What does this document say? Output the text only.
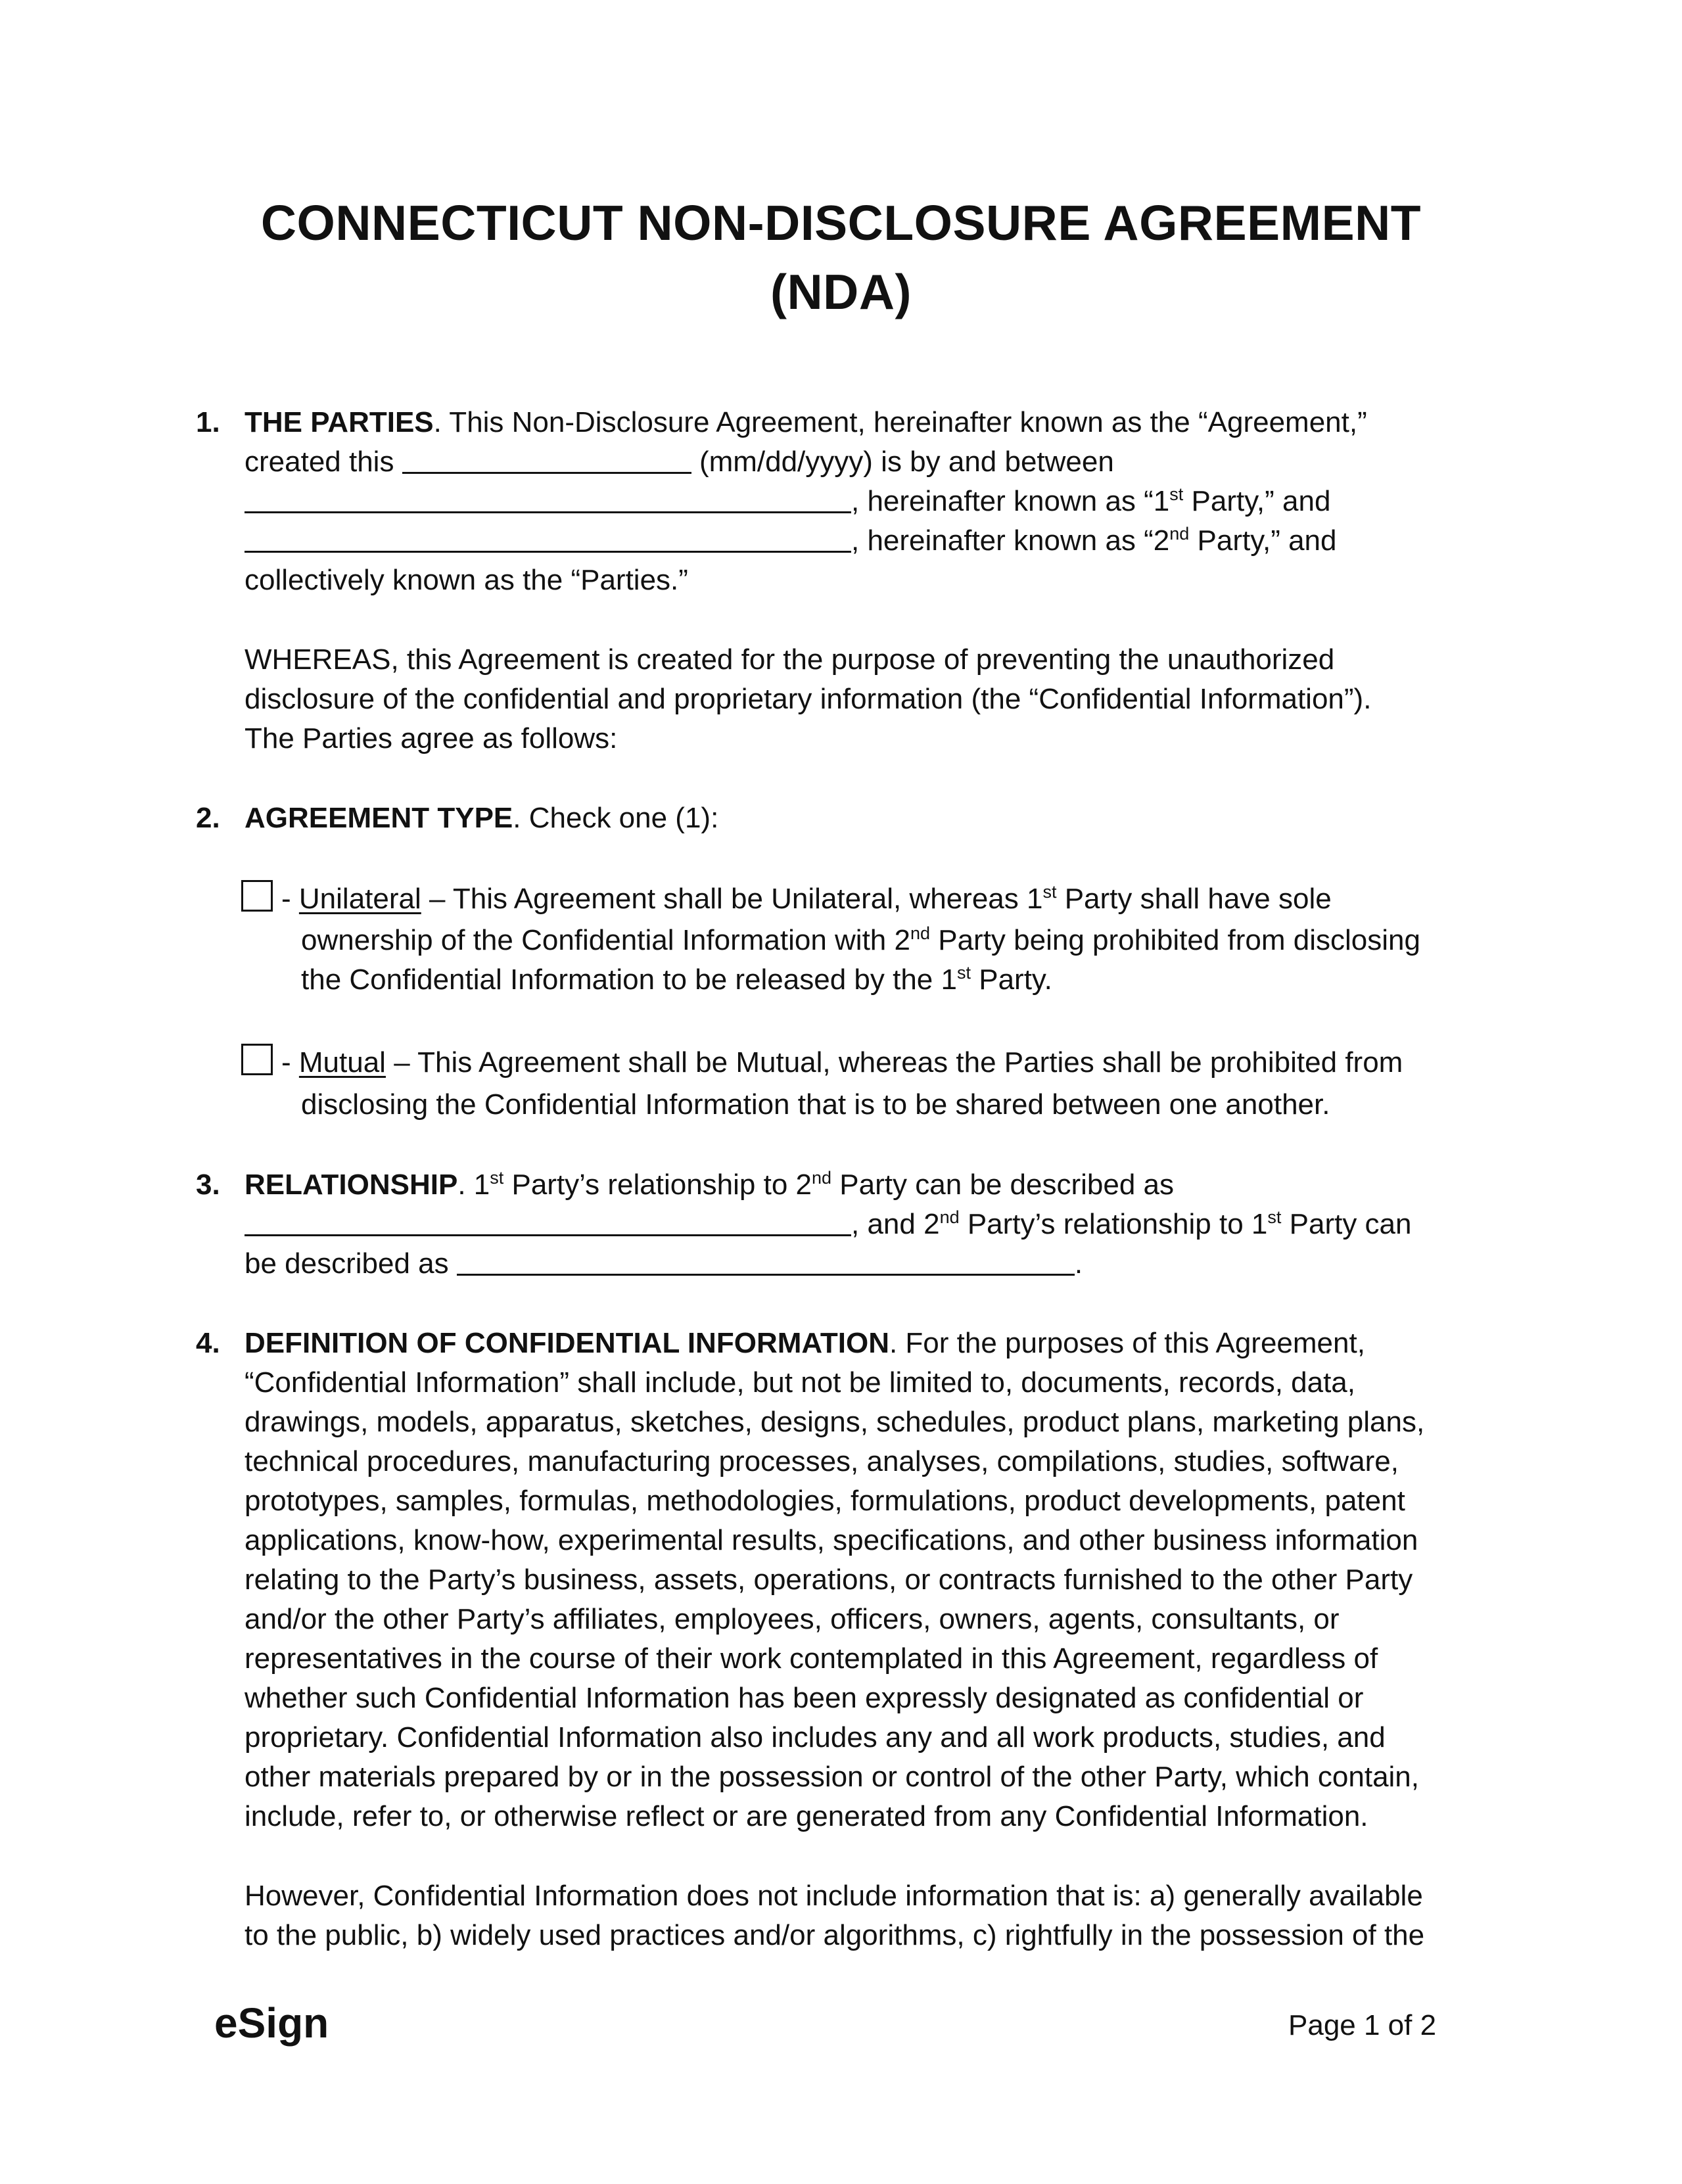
CONNECTICUT NON-DISCLOSURE AGREEMENT
(NDA)
1. THE PARTIES. This Non-Disclosure Agreement, hereinafter known as the “Agreement,”
created this	(mm/dd/yyyy) is by and between
, hereinafter known as “1st Party,” and
, hereinafter known as “2nd Party,” and
collectively known as the “Parties.”
WHEREAS, this Agreement is created for the purpose of preventing the unauthorized
disclosure of the confidential and proprietary information (the “Confidential Information”).
The Parties agree as follows:
2. AGREEMENT TYPE. Check one (1):
- Unilateral – This Agreement shall be Unilateral, whereas 1st Party shall have sole
ownership of the Confidential Information with 2nd Party being prohibited from disclosing
the Confidential Information to be released by the 1st Party.
- Mutual – This Agreement shall be Mutual, whereas the Parties shall be prohibited from
disclosing the Confidential Information that is to be shared between one another.
3. RELATIONSHIP. 1st Party’s relationship to 2nd Party can be described as
, and 2nd Party’s relationship to 1st Party can
be described as	.
4. DEFINITION OF CONFIDENTIAL INFORMATION. For the purposes of this Agreement,
“Confidential Information” shall include, but not be limited to, documents, records, data,
drawings, models, apparatus, sketches, designs, schedules, product plans, marketing plans,
technical procedures, manufacturing processes, analyses, compilations, studies, software,
prototypes, samples, formulas, methodologies, formulations, product developments, patent
applications, know-how, experimental results, specifications, and other business information
relating to the Party’s business, assets, operations, or contracts furnished to the other Party
and/or the other Party’s affiliates, employees, officers, owners, agents, consultants, or
representatives in the course of their work contemplated in this Agreement, regardless of
whether such Confidential Information has been expressly designated as confidential or
proprietary. Confidential Information also includes any and all work products, studies, and
other materials prepared by or in the possession or control of the other Party, which contain,
include, refer to, or otherwise reflect or are generated from any Confidential Information.
However, Confidential Information does not include information that is: a) generally available
to the public, b) widely used practices and/or algorithms, c) rightfully in the possession of the
eSign	Page 1 of 2
